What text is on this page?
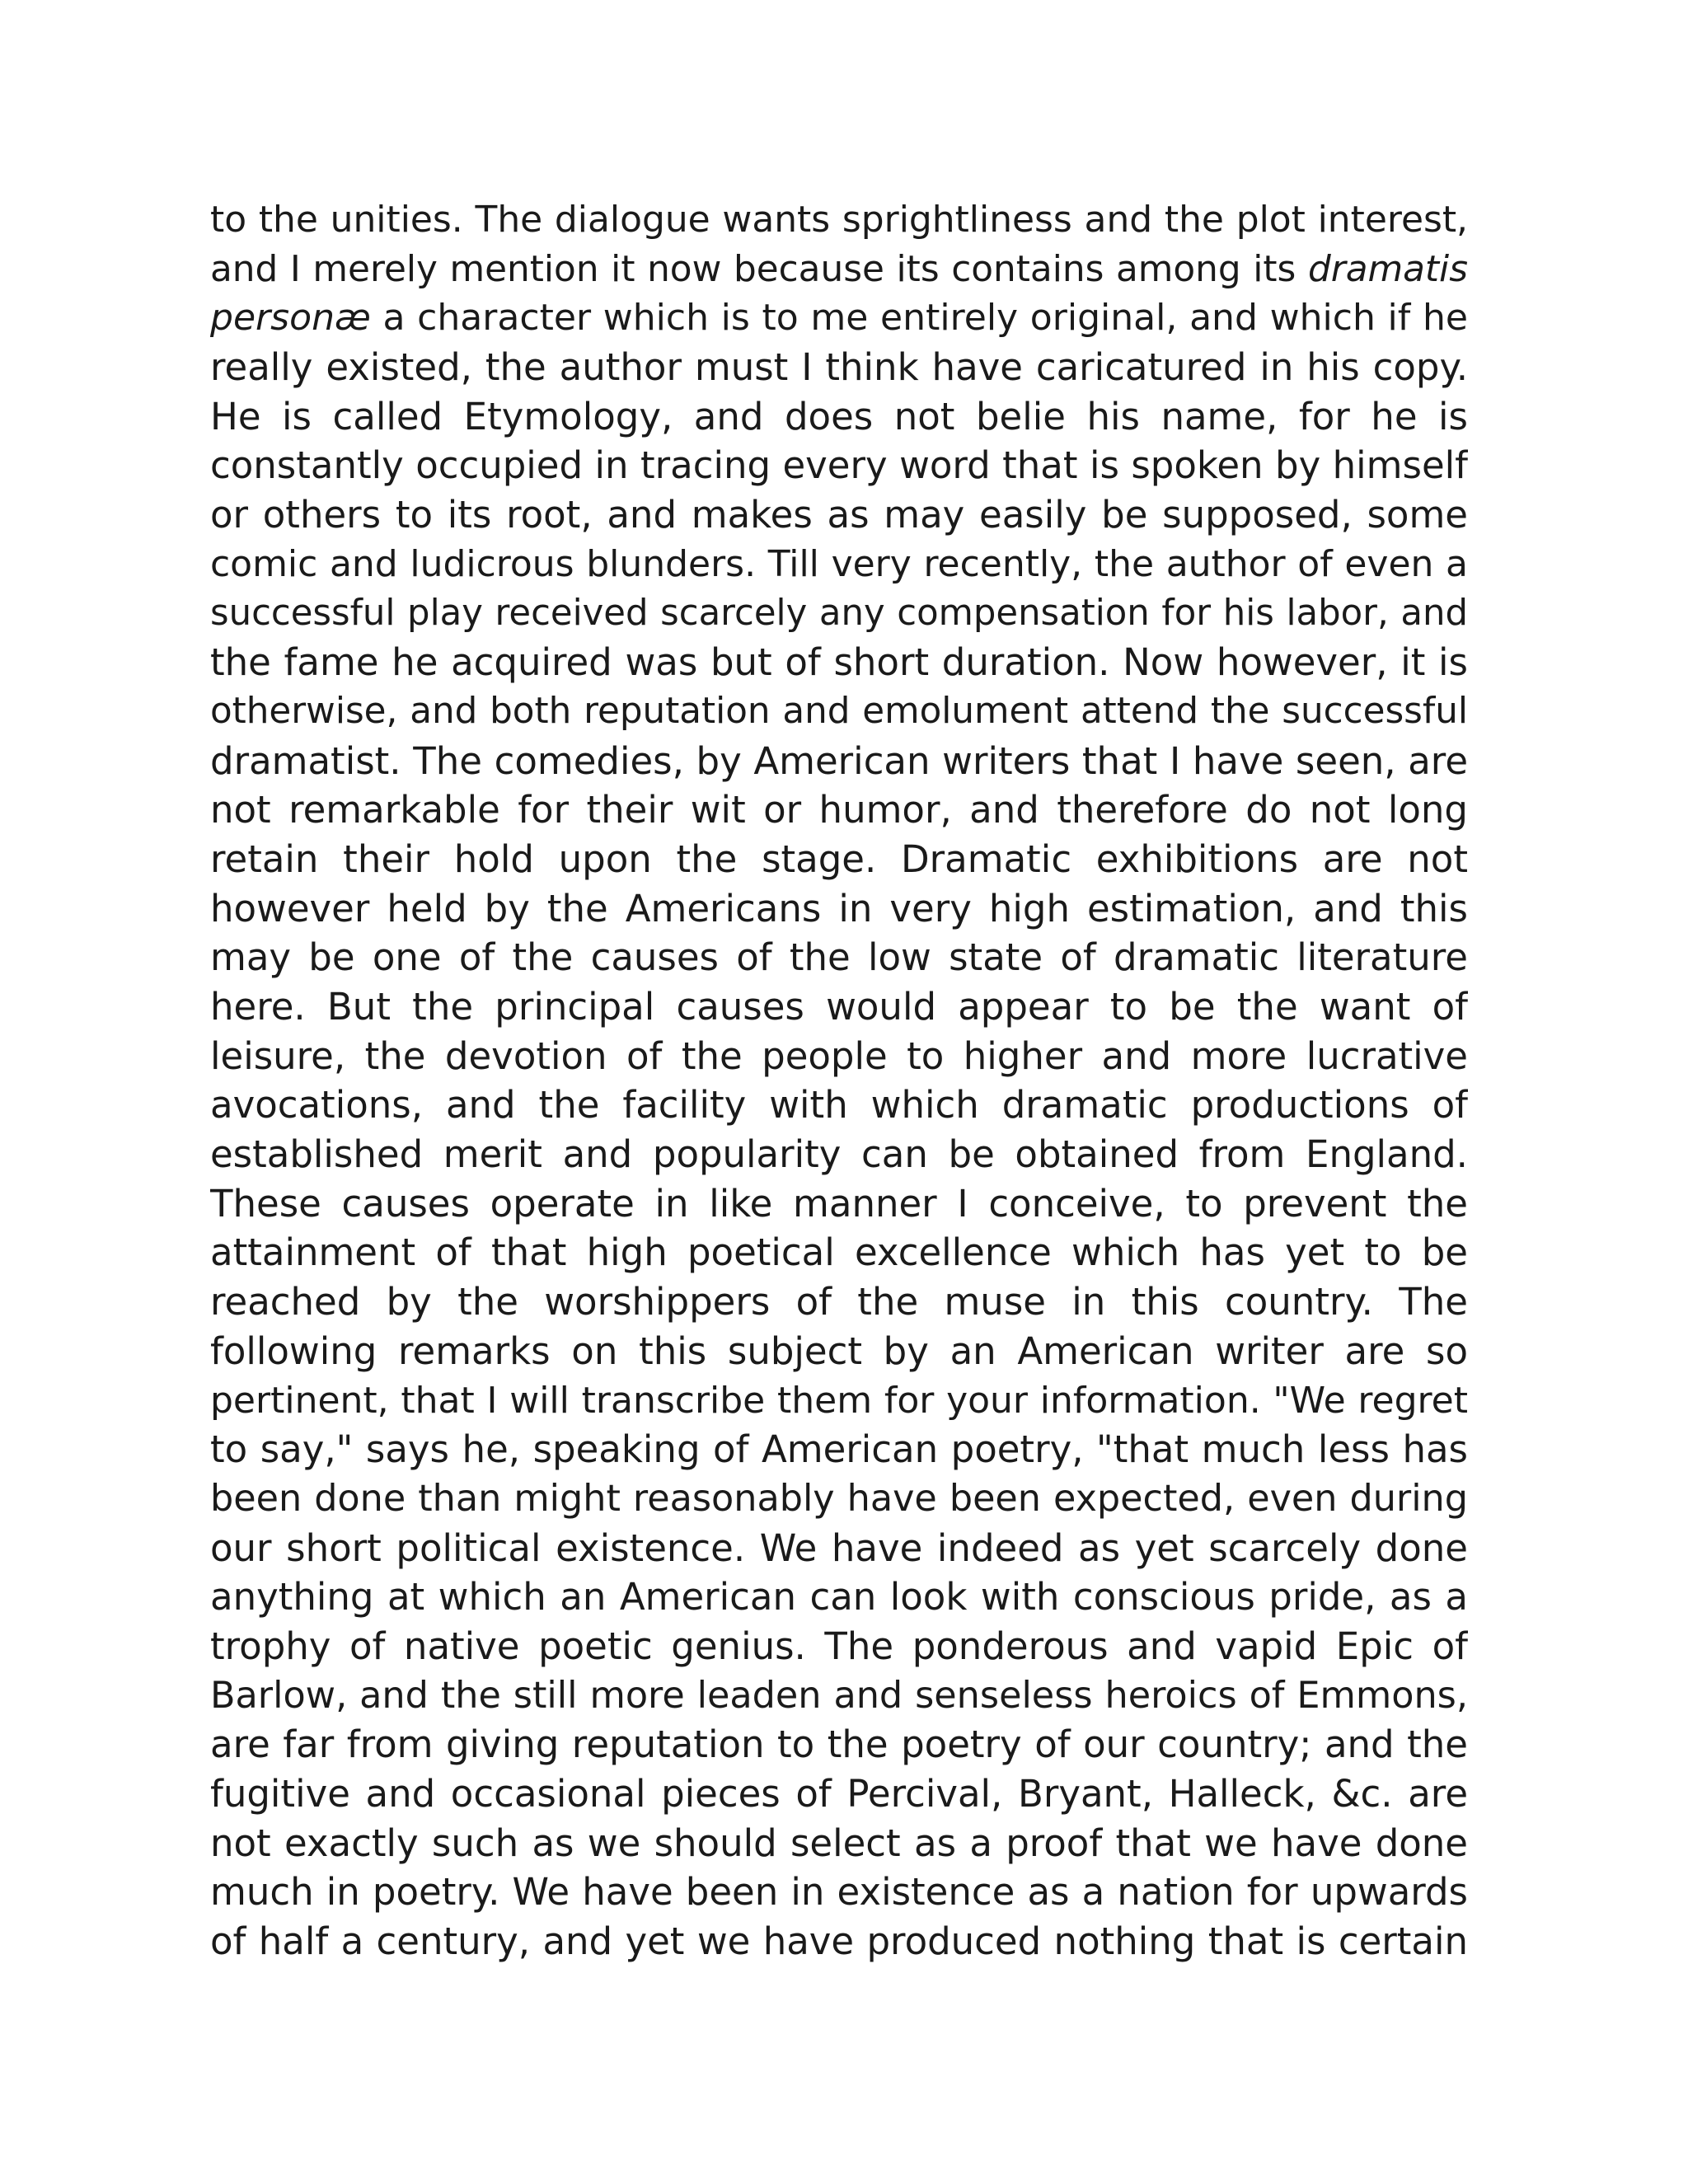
to the unities. The dialogue wants sprightliness and the plot interest,
and I merely mention it now because its contains among its dramatis
personæ a character which is to me entirely original, and which if he
really existed, the author must I think have caricatured in his copy.
He is called Etymology, and does not belie his name, for he is
constantly occupied in tracing every word that is spoken by himself
or others to its root, and makes as may easily be supposed, some
comic and ludicrous blunders. Till very recently, the author of even a
successful play received scarcely any compensation for his labor, and
the fame he acquired was but of short duration. Now however, it is
otherwise, and both reputation and emolument attend the successful
dramatist. The comedies, by American writers that I have seen, are
not remarkable for their wit or humor, and therefore do not long
retain their hold upon the stage. Dramatic exhibitions are not
however held by the Americans in very high estimation, and this
may be one of the causes of the low state of dramatic literature
here. But the principal causes would appear to be the want of
leisure, the devotion of the people to higher and more lucrative
avocations, and the facility with which dramatic productions of
established merit and popularity can be obtained from England.
These causes operate in like manner I conceive, to prevent the
attainment of that high poetical excellence which has yet to be
reached by the worshippers of the muse in this country. The
following remarks on this subject by an American writer are so
pertinent, that I will transcribe them for your information. "We regret
to say," says he, speaking of American poetry, "that much less has
been done than might reasonably have been expected, even during
our short political existence. We have indeed as yet scarcely done
anything at which an American can look with conscious pride, as a
trophy of native poetic genius. The ponderous and vapid Epic of
Barlow, and the still more leaden and senseless heroics of Emmons,
are far from giving reputation to the poetry of our country; and the
fugitive and occasional pieces of Percival, Bryant, Halleck, &c. are
not exactly such as we should select as a proof that we have done
much in poetry. We have been in existence as a nation for upwards
of half a century, and yet we have produced nothing that is certain
